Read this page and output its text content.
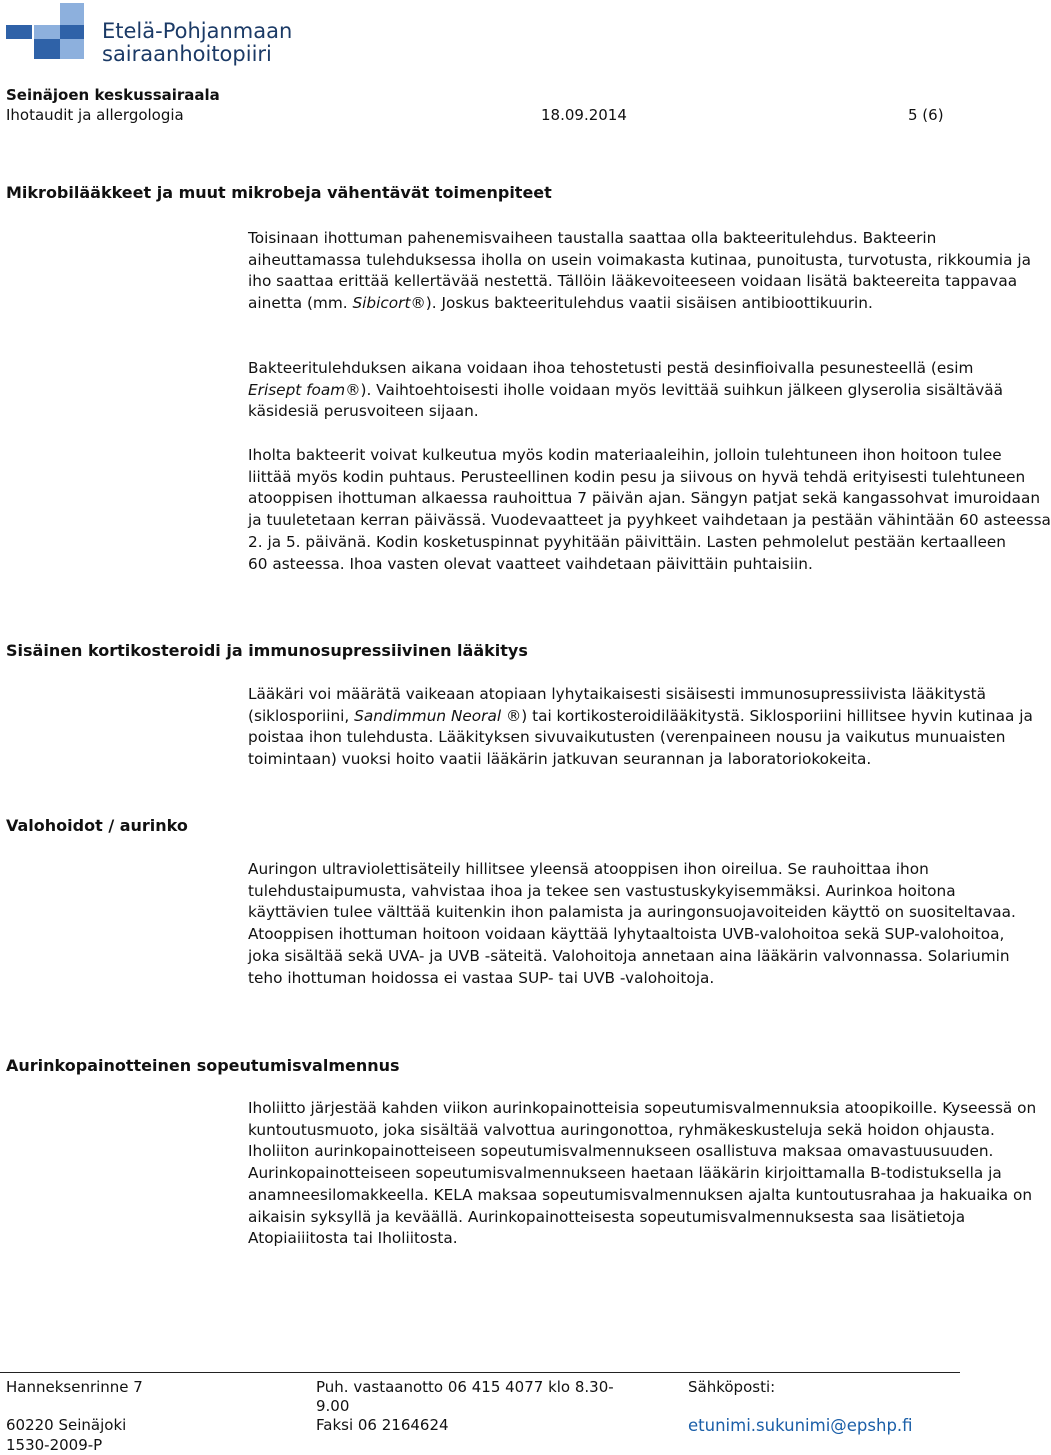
Etelä-Pohjanmaan
sairaanhoitopiiri
Seinäjoen keskussairaala
Ihotaudit ja allergologia	18.09.2014	5 (6)
Mikrobilääkkeet ja muut mikrobeja vähentävät toimenpiteet
Toisinaan ihottuman pahenemisvaiheen taustalla saattaa olla bakteeritulehdus. Bakteerin
aiheuttamassa tulehduksessa iholla on usein voimakasta kutinaa, punoitusta, turvotusta, rikkoumia ja
iho saattaa erittää kellertävää nestettä. Tällöin lääkevoiteeseen voidaan lisätä bakteereita tappavaa
ainetta (mm. Sibicort®). Joskus bakteeritulehdus vaatii sisäisen antibioottikuurin.
Bakteeritulehduksen aikana voidaan ihoa tehostetusti pestä desinfioivalla pesunesteellä (esim
Erisept foam®). Vaihtoehtoisesti iholle voidaan myös levittää suihkun jälkeen glyserolia sisältävää
käsidesiä perusvoiteen sijaan.
Iholta bakteerit voivat kulkeutua myös kodin materiaaleihin, jolloin tulehtuneen ihon hoitoon tulee
liittää myös kodin puhtaus. Perusteellinen kodin pesu ja siivous on hyvä tehdä erityisesti tulehtuneen
atooppisen ihottuman alkaessa rauhoittua 7 päivän ajan. Sängyn patjat sekä kangassohvat imuroidaan
ja tuuletetaan kerran päivässä. Vuodevaatteet ja pyyhkeet vaihdetaan ja pestään vähintään 60 asteessa
2. ja 5. päivänä. Kodin kosketuspinnat pyyhitään päivittäin. Lasten pehmolelut pestään kertaalleen
60 asteessa. Ihoa vasten olevat vaatteet vaihdetaan päivittäin puhtaisiin.
Sisäinen kortikosteroidi ja immunosupressiivinen lääkitys
Lääkäri voi määrätä vaikeaan atopiaan lyhytaikaisesti sisäisesti immunosupressiivista lääkitystä
(siklosporiini, Sandimmun Neoral ®) tai kortikosteroidilääkitystä. Siklosporiini hillitsee hyvin kutinaa ja
poistaa ihon tulehdusta. Lääkityksen sivuvaikutusten (verenpaineen nousu ja vaikutus munuaisten
toimintaan) vuoksi hoito vaatii lääkärin jatkuvan seurannan ja laboratoriokokeita.
Valohoidot / aurinko
Auringon ultraviolettisäteily hillitsee yleensä atooppisen ihon oireilua. Se rauhoittaa ihon
tulehdustaipumusta, vahvistaa ihoa ja tekee sen vastustuskykyisemmäksi. Aurinkoa hoitona
käyttävien tulee välttää kuitenkin ihon palamista ja auringonsuojavoiteiden käyttö on suositeltavaa.
Atooppisen ihottuman hoitoon voidaan käyttää lyhytaaltoista UVB-valohoitoa sekä SUP-valohoitoa,
joka sisältää sekä UVA- ja UVB -säteitä. Valohoitoja annetaan aina lääkärin valvonnassa. Solariumin
teho ihottuman hoidossa ei vastaa SUP- tai UVB -valohoitoja.
Aurinkopainotteinen sopeutumisvalmennus
Iholiitto järjestää kahden viikon aurinkopainotteisia sopeutumisvalmennuksia atoopikoille. Kyseessä on
kuntoutusmuoto, joka sisältää valvottua auringonottoa, ryhmäkeskusteluja sekä hoidon ohjausta.
Iholiiton aurinkopainotteiseen sopeutumisvalmennukseen osallistuva maksaa omavastuusuuden.
Aurinkopainotteiseen sopeutumisvalmennukseen haetaan lääkärin kirjoittamalla B-todistuksella ja
anamneesilomakkeella. KELA maksaa sopeutumisvalmennuksen ajalta kuntoutusrahaa ja hakuaika on
aikaisin syksyllä ja keväällä. Aurinkopainotteisesta sopeutumisvalmennuksesta saa lisätietoja
Atopiaiiitosta tai Iholiitosta.
Hanneksenrinne 7
60220 Seinäjoki
1530-2009-P
Puh. vastaanotto 06 415 4077 klo 8.30-
9.00
Faksi 06 2164624
Sähköposti:
etunimi.sukunimi@epshp.fi
